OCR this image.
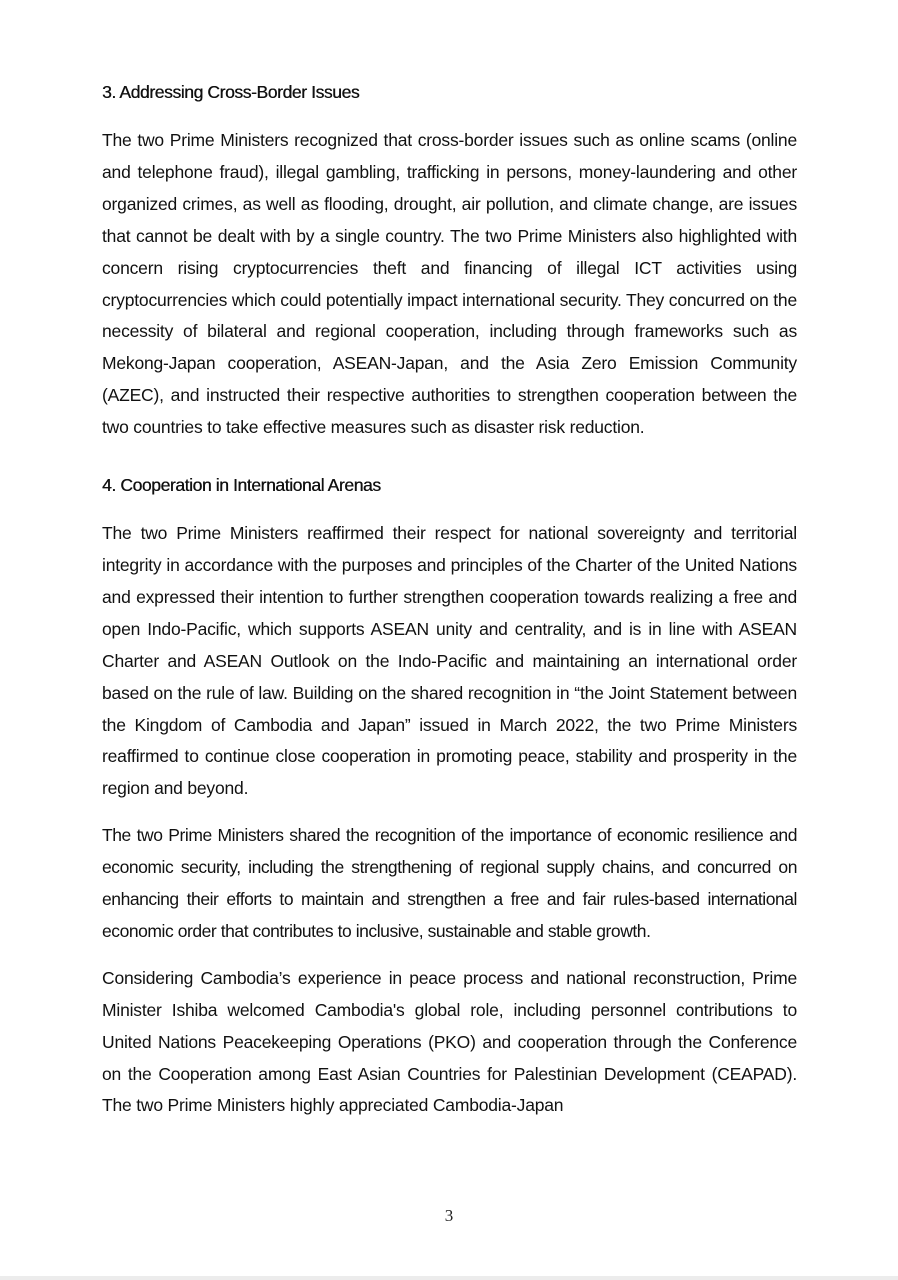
3. Addressing Cross-Border Issues

The two Prime Ministers recognized that cross-border issues such as online scams (online and telephone fraud), illegal gambling, trafficking in persons, money-laundering and other organized crimes, as well as flooding, drought, air pollution, and climate change, are issues that cannot be dealt with by a single country. The two Prime Ministers also highlighted with concern rising cryptocurrencies theft and financing of illegal ICT activities using cryptocurrencies which could potentially impact international security. They concurred on the necessity of bilateral and regional cooperation, including through frameworks such as Mekong-Japan cooperation, ASEAN-Japan, and the Asia Zero Emission Community (AZEC), and instructed their respective authorities to strengthen cooperation between the two countries to take effective measures such as disaster risk reduction.

4. Cooperation in International Arenas

The two Prime Ministers reaffirmed their respect for national sovereignty and territorial integrity in accordance with the purposes and principles of the Charter of the United Nations and expressed their intention to further strengthen cooperation towards realizing a free and open Indo-Pacific, which supports ASEAN unity and centrality, and is in line with ASEAN Charter and ASEAN Outlook on the Indo-Pacific and maintaining an international order based on the rule of law. Building on the shared recognition in “the Joint Statement between the Kingdom of Cambodia and Japan” issued in March 2022, the two Prime Ministers reaffirmed to continue close cooperation in promoting peace, stability and prosperity in the region and beyond.

The two Prime Ministers shared the recognition of the importance of economic resilience and economic security, including the strengthening of regional supply chains, and concurred on enhancing their efforts to maintain and strengthen a free and fair rules-based international economic order that contributes to inclusive, sustainable and stable growth.

Considering Cambodia’s experience in peace process and national reconstruction, Prime Minister Ishiba welcomed Cambodia's global role, including personnel contributions to United Nations Peacekeeping Operations (PKO) and cooperation through the Conference on the Cooperation among East Asian Countries for Palestinian Development (CEAPAD). The two Prime Ministers highly appreciated Cambodia-Japan

3
